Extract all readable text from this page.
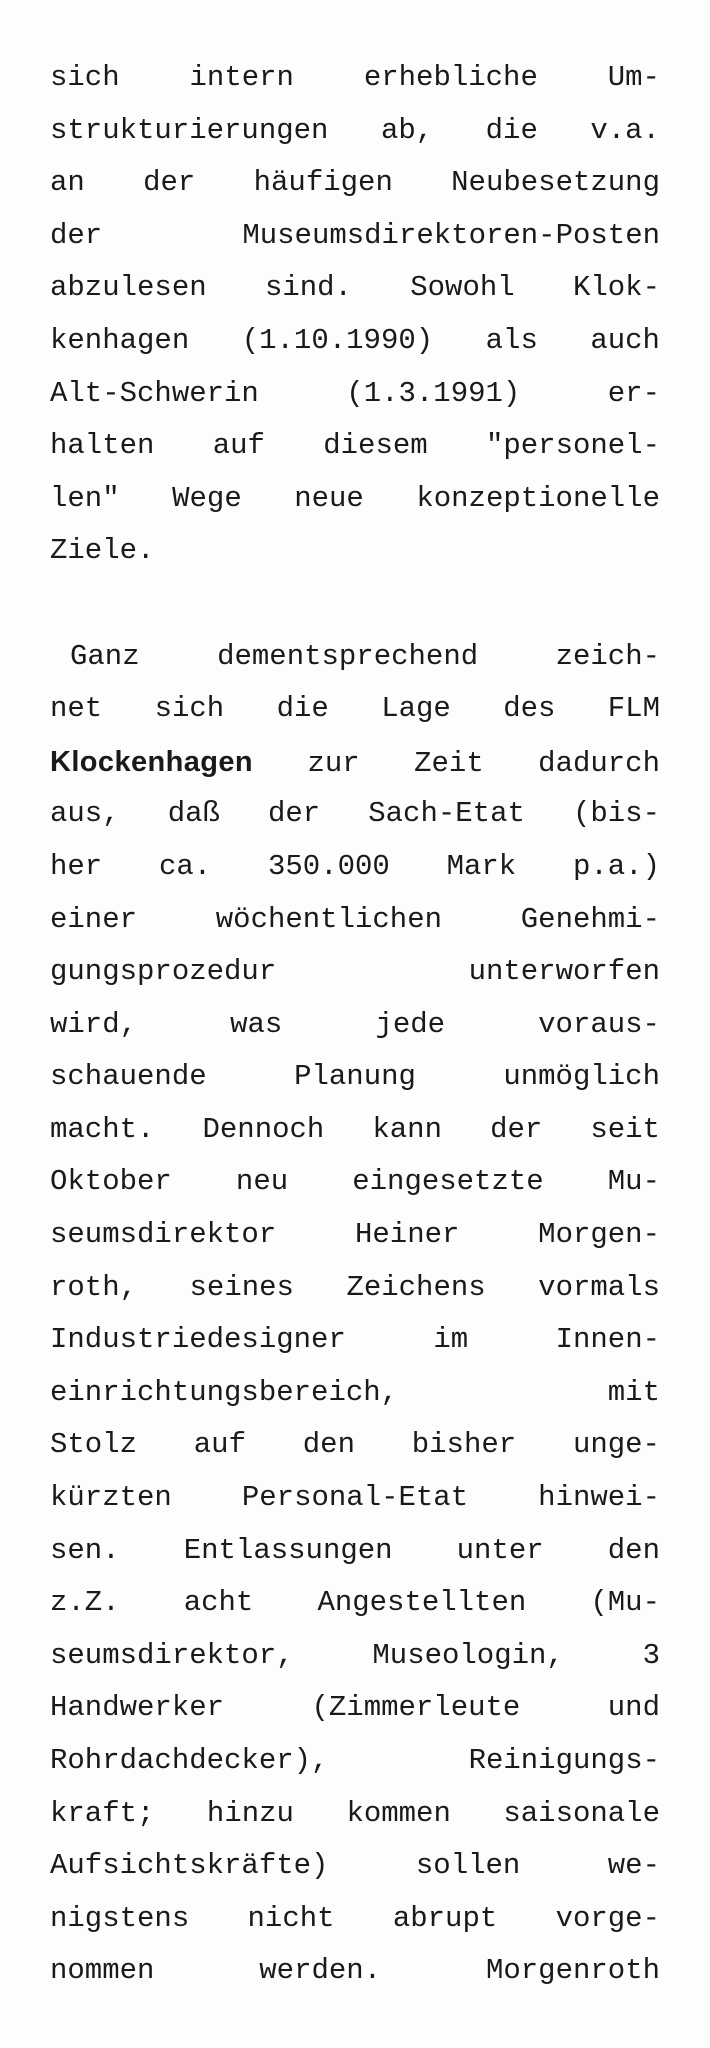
sich intern erhebliche Um-
strukturierungen ab, die v.a.
an der häufigen Neubesetzung
der	Museumsdirektoren-Posten
abzulesen sind. Sowohl Klok-
kenhagen (1.10.1990) als auch
Alt-Schwerin	(1.3.1991)	er-
halten auf diesem "personel-
len" Wege neue konzeptionelle
Ziele.
Ganz	dementsprechend	zeich-
net sich die Lage des FLM
Klockenhagen zur Zeit dadurch
aus, daß der Sach-Etat (bis-
her ca. 350.000 Mark p.a.)
einer	wöchentlichen	Genehmi-
gungsprozedur	unterworfen
wird,	was	jede	voraus-
schauende	Planung	unmöglich
macht. Dennoch kann der seit
Oktober neu eingesetzte Mu-
seumsdirektor	Heiner	Morgen-
roth, seines Zeichens vormals
Industriedesigner	im	Innen-
einrichtungsbereich,	mit
Stolz auf den bisher unge-
kürzten Personal-Etat hinwei-
sen. Entlassungen unter den
z.Z. acht Angestellten (Mu-
seumsdirektor,	Museologin,	3
Handwerker	(Zimmerleute	und
Rohrdachdecker),	Reinigungs-
kraft; hinzu kommen saisonale
Aufsichtskräfte)	sollen	we-
nigstens nicht abrupt vorge-
nommen	werden.	Morgenroth
